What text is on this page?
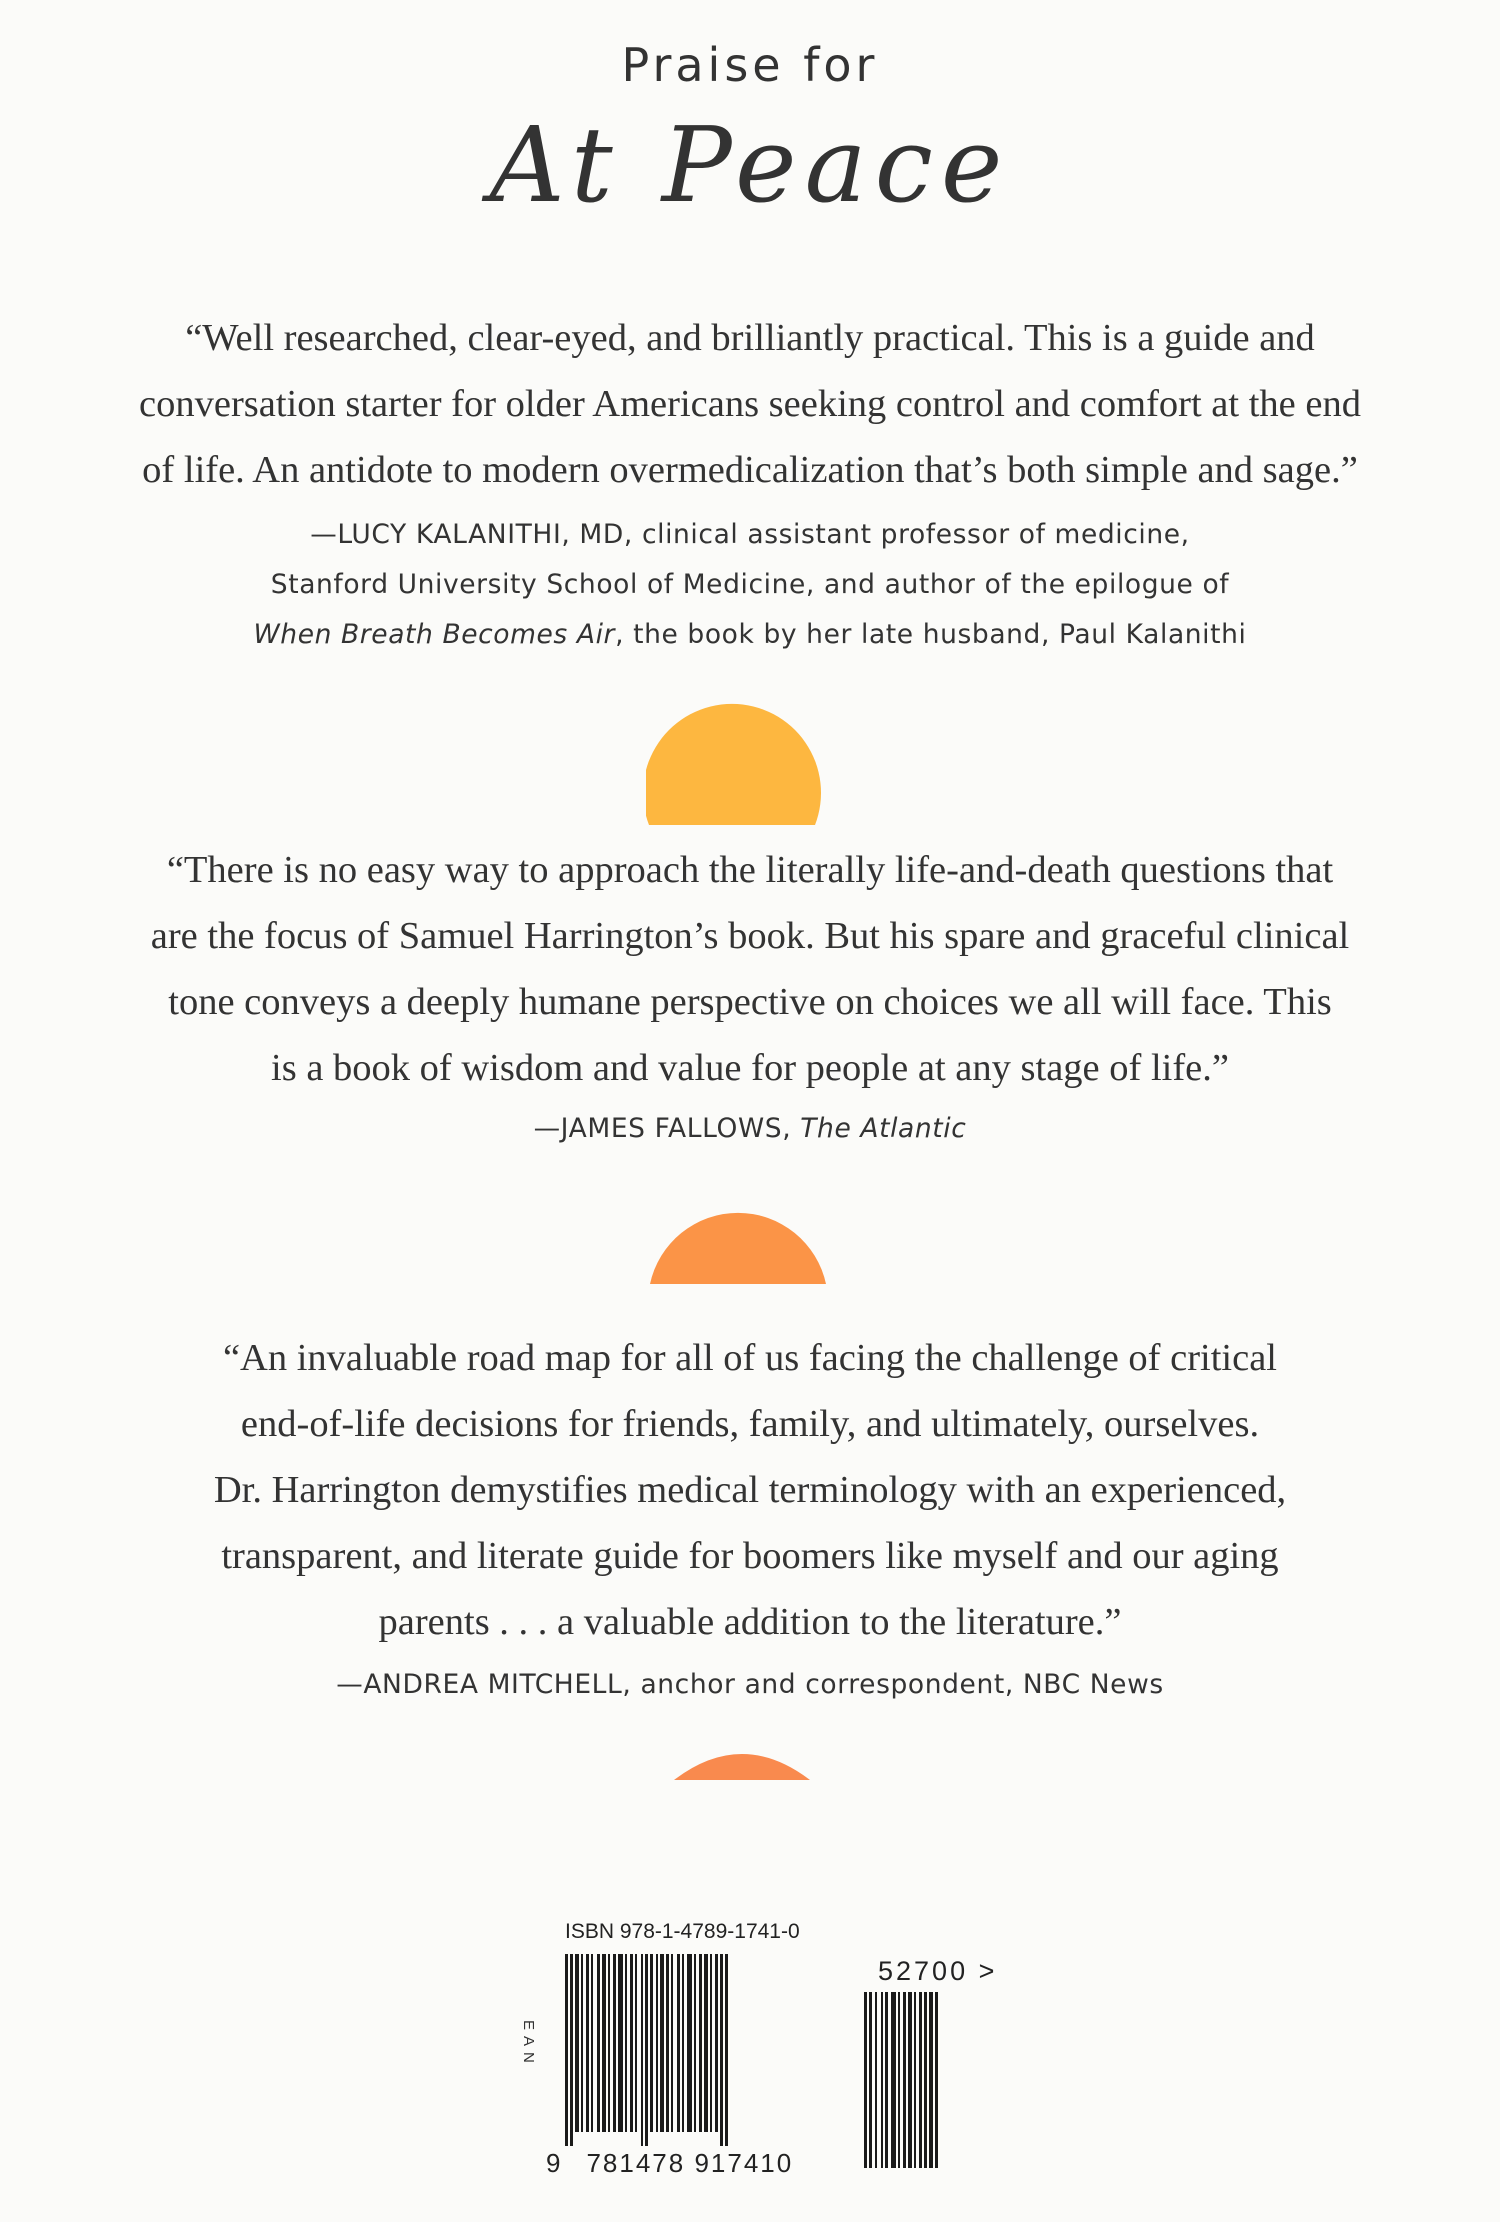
Praise for

At Peace

“Well researched, clear-eyed, and brilliantly practical. This is a guide and

conversation starter for older Americans seeking control and comfort at the end

of life. An antidote to modern overmedicalization that’s both simple and sage.”

—LUCY KALANITHI, MD, clinical assistant professor of medicine,

Stanford University School of Medicine, and author of the epilogue of

When Breath Becomes Air, the book by her late husband, Paul Kalanithi

“There is no easy way to approach the literally life-and-death questions that

are the focus of Samuel Harrington’s book. But his spare and graceful clinical

tone conveys a deeply humane perspective on choices we all will face. This

is a book of wisdom and value for people at any stage of life.”

—JAMES FALLOWS, The Atlantic

“An invaluable road map for all of us facing the challenge of critical

end-of-life decisions for friends, family, and ultimately, ourselves.

Dr. Harrington demystifies medical terminology with an experienced,

transparent, and literate guide for boomers like myself and our aging

parents . . . a valuable addition to the literature.”

—ANDREA MITCHELL, anchor and correspondent, NBC News

ISBN 978-1-4789-1741-0
EAN
9 781478 917410
52700 >
